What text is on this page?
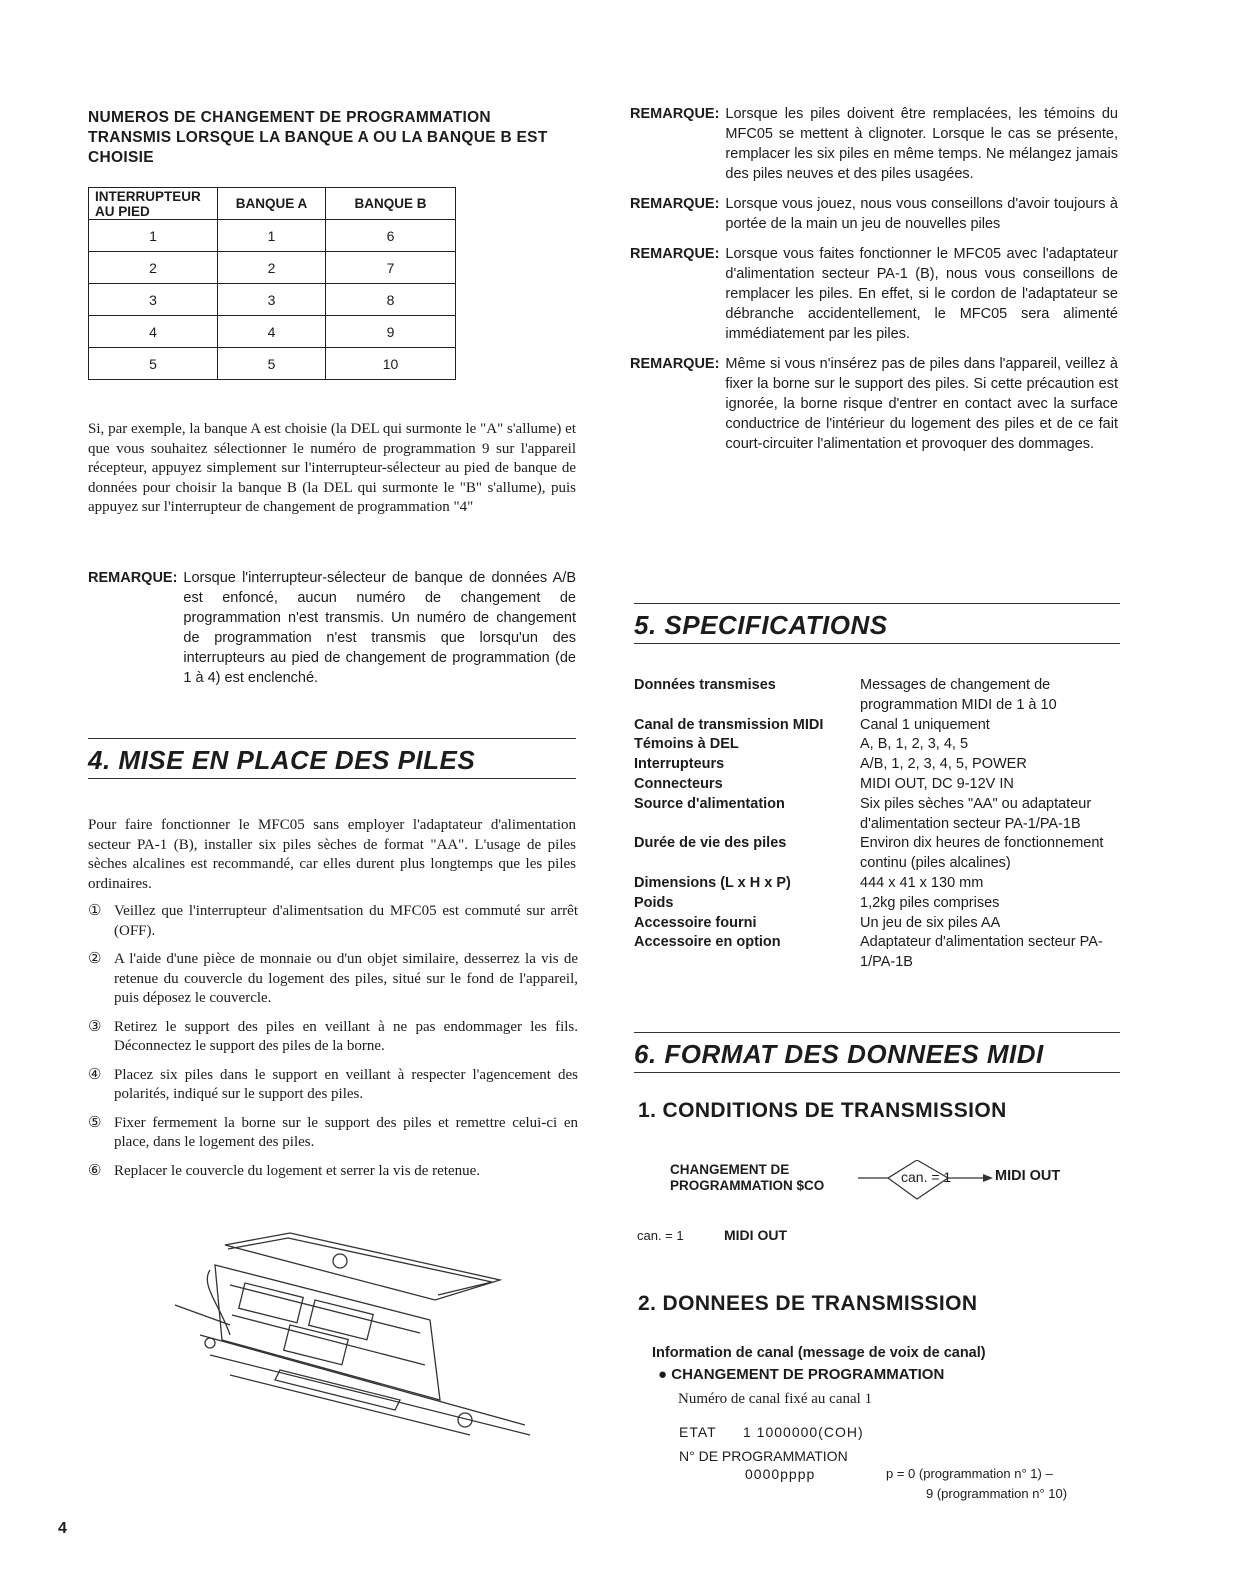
NUMEROS DE CHANGEMENT DE PROGRAMMATION TRANSMIS LORSQUE LA BANQUE A OU LA BANQUE B EST CHOISIE
INTERRUPTEUR AU PIED	BANQUE A	BANQUE B
1	1	6
2	2	7
3	3	8
4	4	9
5	5	10
Si, par exemple, la banque A est choisie (la DEL qui surmonte le "A" s'allume) et que vous souhaitez sélectionner le numéro de programmation 9 sur l'appareil récepteur, appuyez simplement sur l'interrupteur-sélecteur au pied de banque de données pour choisir la banque B (la DEL qui surmonte le "B" s'allume), puis appuyez sur l'interrupteur de changement de programmation "4"
REMARQUE: Lorsque l'interrupteur-sélecteur de banque de données A/B est enfoncé, aucun numéro de changement de programmation n'est transmis. Un numéro de changement de programmation n'est transmis que lorsqu'un des interrupteurs au pied de changement de programmation (de 1 à 4) est enclenché.
4. MISE EN PLACE DES PILES
Pour faire fonctionner le MFC05 sans employer l'adaptateur d'alimentation secteur PA-1 (B), installer six piles sèches de format "AA". L'usage de piles sèches alcalines est recommandé, car elles durent plus longtemps que les piles ordinaires.
① Veillez que l'interrupteur d'alimentsation du MFC05 est commuté sur arrêt (OFF).
② A l'aide d'une pièce de monnaie ou d'un objet similaire, desserrez la vis de retenue du couvercle du logement des piles, situé sur le fond de l'appareil, puis déposez le couvercle.
③ Retirez le support des piles en veillant à ne pas endommager les fils. Déconnectez le support des piles de la borne.
④ Placez six piles dans le support en veillant à respecter l'agencement des polarités, indiqué sur le support des piles.
⑤ Fixer fermement la borne sur le support des piles et remettre celui-ci en place, dans le logement des piles.
⑥ Replacer le couvercle du logement et serrer la vis de retenue.
4
REMARQUE: Lorsque les piles doivent être remplacées, les témoins du MFC05 se mettent à clignoter. Lorsque le cas se présente, remplacer les six piles en même temps. Ne mélangez jamais des piles neuves et des piles usagées.
REMARQUE: Lorsque vous jouez, nous vous conseillons d'avoir toujours à portée de la main un jeu de nouvelles piles
REMARQUE: Lorsque vous faites fonctionner le MFC05 avec l'adaptateur d'alimentation secteur PA-1 (B), nous vous conseillons de remplacer les piles. En effet, si le cordon de l'adaptateur se débranche accidentellement, le MFC05 sera alimenté immédiatement par les piles.
REMARQUE: Même si vous n'insérez pas de piles dans l'appareil, veillez à fixer la borne sur le support des piles. Si cette précaution est ignorée, la borne risque d'entrer en contact avec la surface conductrice de l'intérieur du logement des piles et de ce fait court-circuiter l'alimentation et provoquer des dommages.
5. SPECIFICATIONS
Données transmises	Messages de changement de programmation MIDI de 1 à 10
Canal de transmission MIDI	Canal 1 uniquement
Témoins à DEL	A, B, 1, 2, 3, 4, 5
Interrupteurs	A/B, 1, 2, 3, 4, 5, POWER
Connecteurs	MIDI OUT, DC 9-12V IN
Source d'alimentation	Six piles sèches "AA" ou adaptateur d'alimentation secteur PA-1/PA-1B
Durée de vie des piles	Environ dix heures de fonctionnement continu (piles alcalines)
Dimensions (L x H x P)	444 x 41 x 130 mm
Poids	1,2kg piles comprises
Accessoire fourni	Un jeu de six piles AA
Accessoire en option	Adaptateur d'alimentation secteur PA-1/PA-1B
6. FORMAT DES DONNEES MIDI
1. CONDITIONS DE TRANSMISSION
CHANGEMENT DE
PROGRAMMATION $CO
can. = 1	MIDI OUT
can. = 1	MIDI OUT
2. DONNEES DE TRANSMISSION
Information de canal (message de voix de canal)
● CHANGEMENT DE PROGRAMMATION
Numéro de canal fixé au canal 1
ETAT 1 1000000(COH)
N° DE PROGRAMMATION
0000pppp	p = 0 (programmation n° 1) –
9 (programmation n° 10)
